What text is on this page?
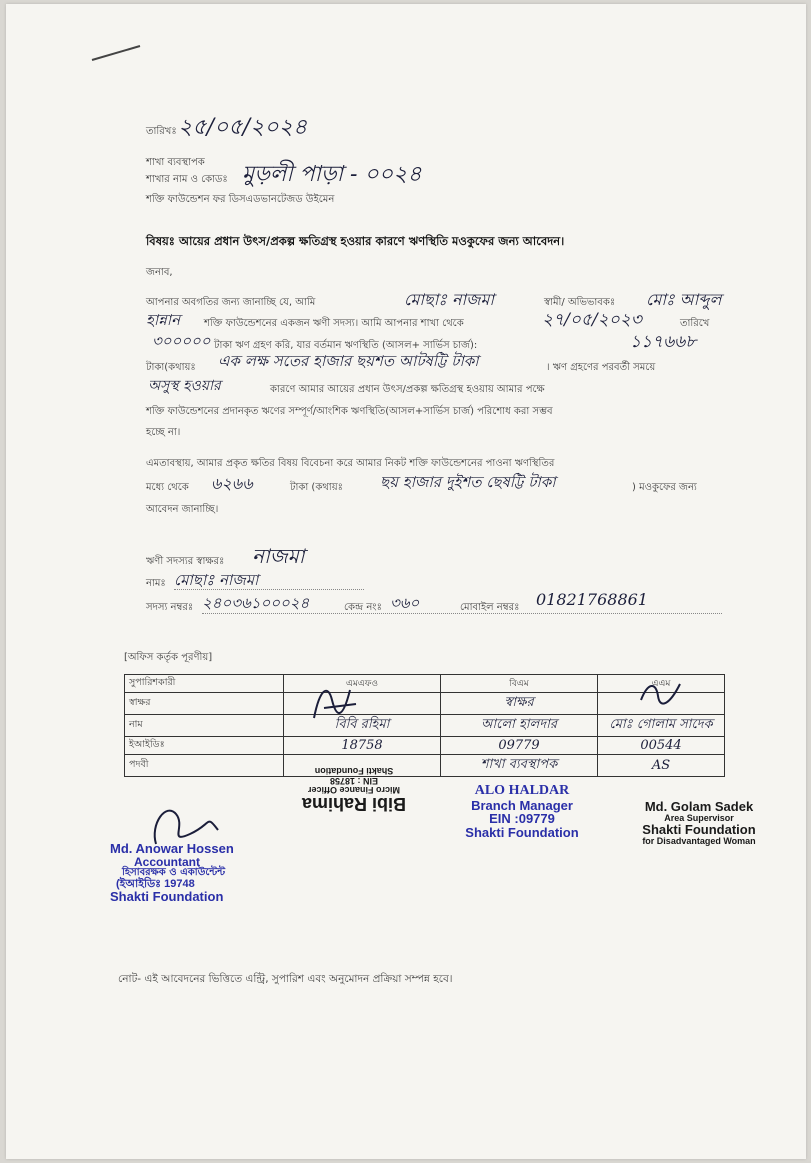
তারিখঃ ২৫/০৫/২০২৪
শাখা ব্যবস্থাপক
শাখার নাম ও কোডঃ মুড়লী পাড়া - ০০২৪
শক্তি ফাউন্ডেশন ফর ডিসএডভানটেজড উইমেন
বিষয়ঃ আয়ের প্রধান উৎস/প্রকল্প ক্ষতিগ্রস্থ হওয়ার কারণে ঋণস্থিতি মওকুফের জন্য আবেদন।
জনাব,
আপনার অবগতির জন্য জানাচ্ছি যে, আমি	মোছাঃ নাজমা	স্বামী/ অভিভাবকঃ মোঃ আব্দুল
হান্নান শক্তি ফাউন্ডেশনের একজন ঋণী সদস্য। আমি আপনার শাখা থেকে	২৭/০৫/২০২৩	তারিখে
৩০০০০০ টাকা ঋণ গ্রহণ করি, যার বর্তমান ঋণস্থিতি (আসল+ সার্ভিস চার্জ):	১১৭৬৬৮
টাকা(কথায়ঃ এক লক্ষ সতের হাজার ছয়শত আটষট্টি টাকা	। ঋণ গ্রহণের পরবর্তী সময়ে
অসুস্থ হওয়ার	কারণে আমার আয়ের প্রধান উৎস/প্রকল্প ক্ষতিগ্রস্থ হওয়ায় আমার পক্ষে
শক্তি ফাউন্ডেশনের প্রদানকৃত ঋণের সম্পূর্ণ/আংশিক ঋণস্থিতি(আসল+সার্ভিস চার্জ) পরিশোধ করা সম্ভব
হচ্ছে না।
এমতাবস্থায়, আমার প্রকৃত ক্ষতির বিষয় বিবেচনা করে আমার নিকট শক্তি ফাউন্ডেশনের পাওনা ঋণস্থিতির
মধ্যে থেকে ৬২৬৬	টাকা (কথায়ঃ ছয় হাজার দুইশত ছেষট্টি টাকা	) মওকুফের জন্য
আবেদন জানাচ্ছি।
ঋণী সদস্যর স্বাক্ষরঃ নাজমা
নামঃ মোছাঃ নাজমা
সদস্য নম্বরঃ ২৪০৩৬১০০০২৪	কেন্দ্র নংঃ ৩৬০	মোবাইল নম্বরঃ 01821768861
[অফিস কর্তৃক পূরণীয়]
সুপারিশকারী	এমএফও	বিএম	এএম
স্বাক্ষর		স্বাক্ষর	
নাম	বিবি রহিমা	আলো হালদার	মোঃ গোলাম সাদেক
ইআইডিঃ	18758	09779	00544
পদবী		শাখা ব্যবস্থাপক	AS
Bibi Rahima
Micro Finance Officer
EIN : 18758
Shakti Foundation
ALO HALDAR
Branch Manager
EIN :09779
Shakti Foundation
Md. Golam Sadek
Area Supervisor
Shakti Foundation
for Disadvantaged Woman
Md. Anowar Hossen
Accountant
হিসাবরক্ষক ও একাউন্টেন্ট
(ইআইডিঃ 19748
Shakti Foundation
নোট- এই আবেদনের ভিত্তিতে এন্ট্রি, সুপারিশ এবং অনুমোদন প্রক্রিয়া সম্পন্ন হবে।
